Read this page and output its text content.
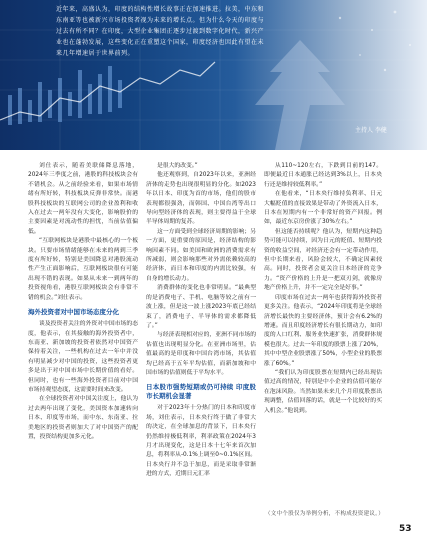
近年来，高盛认为，印度的结构性增长故事正在加速推进。拉美，中东和东南亚等也被新兴市场投资者视为未来的增长点。但为什么今天的印度与过去有所不同？在印度，大型企业集团正逐步过渡到数字化时代，新兴产业也在蓬勃发展，这些变化正在重塑这个国家，印度经济也因此有望在未来几年增速居于世界前列。
主持人 李健

刘仕表示，随着美联储降息落地，2024年三季度之前，港股的科技板块会有不错机会。从之前经验来看，如果市场情绪有所好转，科技板块反弹非常快。而港股科技板块的互联网公司的企业盈利和收入在过去一两年没有大变化，影响股价的主要因素是对流动性的担忧，当前估值偏低。

“互联网板块是港股中最核心的一个板块。只要市场情绪能够在未来的两到三季度有所好转，特别是美国降息对港股流动性产生正面影响后，互联网板块很有可能出现不错的表现。如果从未来一到两年的投资视角看，港股互联网板块会有非常不错的机会。”刘仕表示。

海外投资者对中国市场态度分化

谈及投资者关注的外资对中国市场的态度，他表示，在其接触的海外投资者中，东南亚、新加坡的投资者依然对中国资产保持着关注，一些机构在过去一年中并没有明显减少对中国的投资，这些投资者更多是出于对中国市场中长期价值的看好。但同时，也有一些海外投资者目前对中国市场持观望态度，这需要时间来改变。

在全球投资者对中国关注度上，他认为过去两年出现了变化，美国资本加速转向日本、印度等市场，而中东、东南亚、拉美地区的投资者则加大了对中国资产的配置，投资结构更加多元化。

是很大的改变。”

他还观察到，自2023年以来，亚洲经济体的走势也出现很明显的分化。如2023年以日本、印度为首的市场，他们的股市表现都很强劲，而韩国、中国台湾等出口导向型经济体的表现，则主要得益于全球半导体周期的复苏。

这一方面受到全球经济周期的影响；另一方面，更重要的原因是，经济结构的影响因素不同。如美国和欧洲的消费需求有所减弱，则会影响那些对外需依赖较高的经济体，而日本和印度的内需比较强，有自身的增长动力。

消费群体的变化也非常明显。“最典型的是消费电子、手机、电脑等较之前有一波上涨，但是这一波上涨2023年底已经结束了，消费电子、半导体的需求都降低了。”

与经济表现相对应的，亚洲不同市场的估值也出现明显分化。在亚洲市场里，估值最高的是印度和中国台湾市场，其估值均已经高于五年平均估值，而新加坡和中国市场的估值则低于平均水平。

日本股市强势短期或仍可持续 印度股市长期机会显著

对于2023年十分热门的日本和印度市场，刘仕表示，日本央行终于做了非常大的决定，在全球加息的背景下，日本央行仍然维持极低利率，利率政策在2024年3月才出现变化，这是日本十七年来首次加息，将利率从-0.1%上调至0~0.1%区间。日本央行并不急于加息，而是采取非常渐进的方式，近期日元汇率

从110~120左右，下跌到目前的147。即便最近日本通胀已经达到3%以上，日本央行还是维持较低利率。”

在他看来，“日本央行维持负利率、日元大幅贬值的直接效果是带动了外资流入日本，日本在短期内有一个非常好的资产回报。例如，最近东京房价涨了30%左右。”

但这能否持续呢？他认为，短期内这种趋势可能可以持续，因为日元的贬值、短期内投资的收益空间，对经济还会有一定带动作用，但中长期来看，风险会较大，不确定因素较高。同时，投资者会更关注日本经济的竞争力。“资产价格的上升是一把双刃剑，就像房地产价格上升，并不一定完全是好事。”

印度市场在过去一两年也获得海外投资者更多关注。他表示，“2024年印度将是全球经济增长最快的主要经济体，预计会有6.2%的增速。而且印度经济增长有很长期动力，如印度的人口红利、服务业快速扩张，消费群体规模也很大。过去一年印度的股票上涨了20%，其中中型企业股票涨了50%，小型企业的股票涨了60%。”

“我们认为印度股票在短期内已经出现估值过高的情况，特别是中小企业的估值可能存在泡沫风险。当然如果未来几个月印度股票出现调整，估值回落的话，就是一个比较好的买入机会。”他说到。

（文中个股仅为举例分析，不构成投资建议。）
53
